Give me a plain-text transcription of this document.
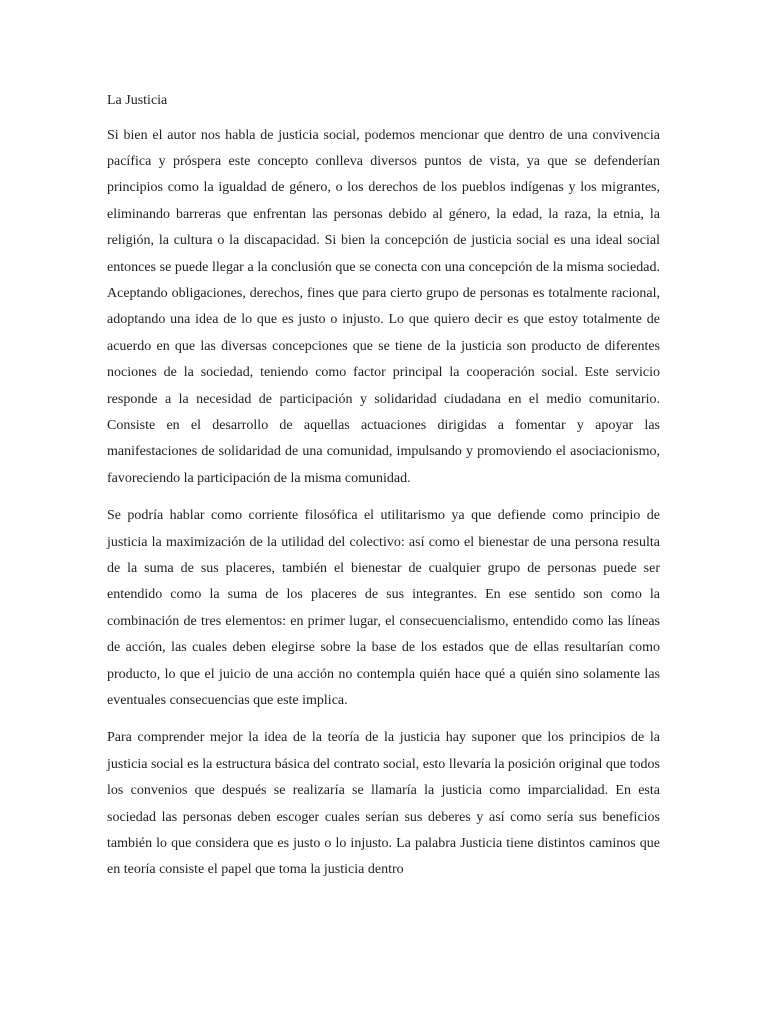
La Justicia

Si bien el autor nos habla de justicia social, podemos mencionar que dentro de una convivencia pacífica y próspera este concepto conlleva diversos puntos de vista, ya que se defenderían principios como la igualdad de género, o los derechos de los pueblos indígenas y los migrantes, eliminando barreras que enfrentan las personas debido al género, la edad, la raza, la etnia, la religión, la cultura o la discapacidad. Si bien la concepción de justicia social es una ideal social entonces se puede llegar a la conclusión que se conecta con una concepción de la misma sociedad. Aceptando obligaciones, derechos, fines que para cierto grupo de personas es totalmente racional, adoptando una idea de lo que es justo o injusto. Lo que quiero decir es que estoy totalmente de acuerdo en que las diversas concepciones que se tiene de la justicia son producto de diferentes nociones de la sociedad, teniendo como factor principal la cooperación social. Este servicio responde a la necesidad de participación y solidaridad ciudadana en el medio comunitario. Consiste en el desarrollo de aquellas actuaciones dirigidas a fomentar y apoyar las manifestaciones de solidaridad de una comunidad, impulsando y promoviendo el asociacionismo, favoreciendo la participación de la misma comunidad.

Se podría hablar como corriente filosófica el utilitarismo ya que defiende como principio de justicia la maximización de la utilidad del colectivo: así como el bienestar de una persona resulta de la suma de sus placeres, también el bienestar de cualquier grupo de personas puede ser entendido como la suma de los placeres de sus integrantes. En ese sentido son como la combinación de tres elementos: en primer lugar, el consecuencialismo, entendido como las líneas de acción, las cuales deben elegirse sobre la base de los estados que de ellas resultarían como producto, lo que el juicio de una acción no contempla quién hace qué a quién sino solamente las eventuales consecuencias que este implica.

Para comprender mejor la idea de la teoría de la justicia hay suponer que los principios de la justicia social es la estructura básica del contrato social, esto llevaría la posición original que todos los convenios que después se realizaría se llamaría la justicia como imparcialidad. En esta sociedad las personas deben escoger cuales serían sus deberes y así como sería sus beneficios también lo que considera que es justo o lo injusto. La palabra Justicia tiene distintos caminos que en teoría consiste el papel que toma la justicia dentro
